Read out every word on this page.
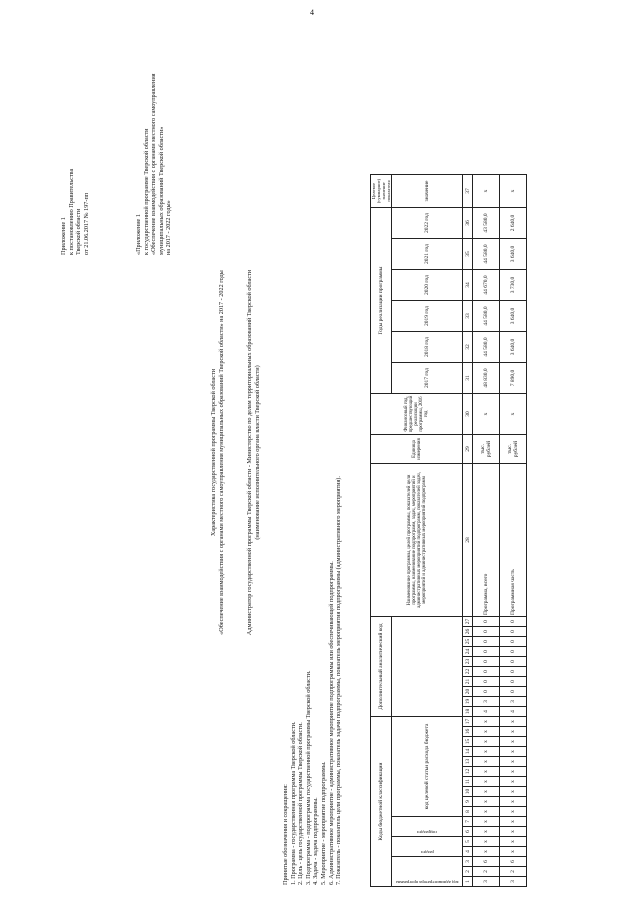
4
Приложение 1 к постановлению Правительства Тверской области от 21.06.2017 № 197-пп	«Приложение 1 к государственной программе Тверской области «Обеспечение взаимодействия с органами местного самоуправления муниципальных образований Тверской области» на 2017 - 2022 годы»
Характеристика государственной программы Тверской области «Обеспечение взаимодействия с органами местного самоуправления муниципальных образований Тверской области» на 2017 - 2022 годы	Администратор государственной программы Тверской области - Министерство по делам территориальных образований Тверской области (наименование исполнительного органа власти Тверской области)
Принятые обозначения и сокращения: 1. Программа - государственная программа Тверской области. 2. Цель - цель государственной программы Тверской области. 3. Подпрограмма - подпрограмма государственной программы Тверской области. 4. Задача - задача подпрограммы. 5. Мероприятие - мероприятие подпрограммы. 6. Административное мероприятие - административное мероприятие подпрограммы или обеспечивающей подпрограммы. 7. Показатель - показатель цели программы, показатель задачи подпрограммы, показатель мероприятия подпрограммы (административного мероприятия).	Коды бюджетной классификации																	Дополнительный аналитический код										Наименование программы, целей программы, показателей цели программы, наименование подпрограмм, задач, мероприятий и административных мероприятий подпрограмм, показателей задач, мероприятий и административных мероприятий подпрограмм	Единица измерения	Финансовый год, предшествующий реализации программы, 2016 год	Годы реализации программы						Целевое (суммарное) значение показателя

код администратора программы			раздел		подраздел		код целевой статьи расхода бюджета																							2017 год	2018 год	2019 год	2020 год	2021 год	2022 год	значение

1	2	3	4	5	6	7	8	9	10	11	12	13	14	15	16	17	18	19	20	21	22	23	24	25	26	27	28	29	30	31	32	33	34	35	36	37
3	2	6	х	х	х	х	х	х	х	х	х	х	х	х	х	х	4	3	0	0	0	0	0	0	0	0	Программа, всего	тыс. рублей	х	48 830,0	44 580,0	44 580,0	44 670,0	44 580,0	43 580,0	х
3	2	6	х	х	х	х	х	х	х	х	х	х	х	х	х	х	4	3	0	0	0	0	0	0	0	0	Программная часть	тыс. рублей	х	7 890,0	3 640,0	3 640,0	3 730,0	3 640,0	2 640,0	х
